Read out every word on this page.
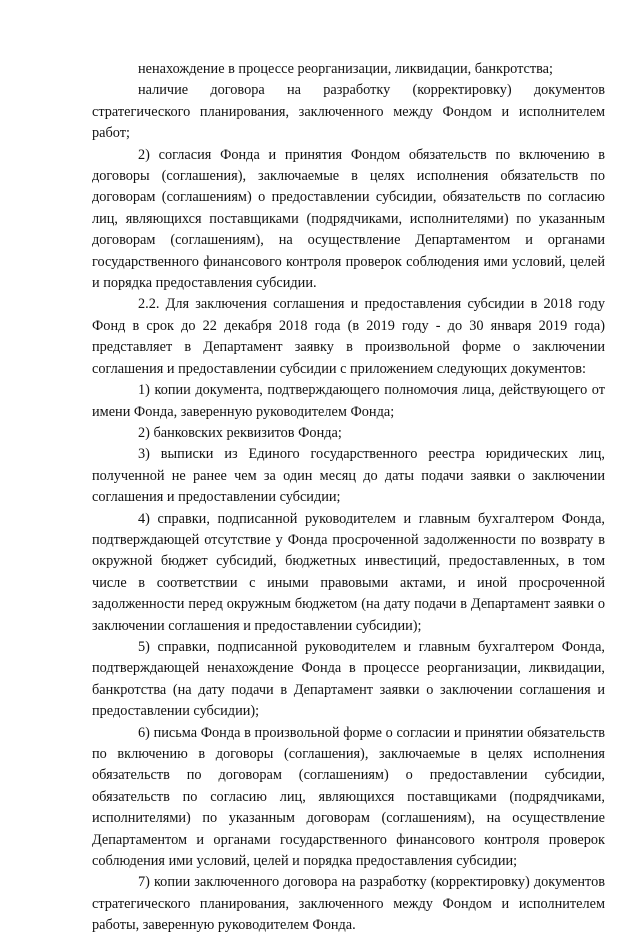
ненахождение в процессе реорганизации, ликвидации, банкротства;

наличие договора на разработку (корректировку) документов стратегического планирования, заключенного между Фондом и исполнителем работ;

2) согласия Фонда и принятия Фондом обязательств по включению в договоры (соглашения), заключаемые в целях исполнения обязательств по договорам (соглашениям) о предоставлении субсидии, обязательств по согласию лиц, являющихся поставщиками (подрядчиками, исполнителями) по указанным договорам (соглашениям), на осуществление Департаментом и органами государственного финансового контроля проверок соблюдения ими условий, целей и порядка предоставления субсидии.

2.2. Для заключения соглашения и предоставления субсидии в 2018 году Фонд в срок до 22 декабря 2018 года (в 2019 году - до 30 января 2019 года) представляет в Департамент заявку в произвольной форме о заключении соглашения и предоставлении субсидии с приложением следующих документов:

1) копии документа, подтверждающего полномочия лица, действующего от имени Фонда, заверенную руководителем Фонда;

2) банковских реквизитов Фонда;

3) выписки из Единого государственного реестра юридических лиц, полученной не ранее чем за один месяц до даты подачи заявки о заключении соглашения и предоставлении субсидии;

4) справки, подписанной руководителем и главным бухгалтером Фонда, подтверждающей отсутствие у Фонда просроченной задолженности по возврату в окружной бюджет субсидий, бюджетных инвестиций, предоставленных, в том числе в соответствии с иными правовыми актами, и иной просроченной задолженности перед окружным бюджетом (на дату подачи в Департамент заявки о заключении соглашения и предоставлении субсидии);

5) справки, подписанной руководителем и главным бухгалтером Фонда, подтверждающей ненахождение Фонда в процессе реорганизации, ликвидации, банкротства (на дату подачи в Департамент заявки о заключении соглашения и предоставлении субсидии);

6) письма Фонда в произвольной форме о согласии и принятии обязательств по включению в договоры (соглашения), заключаемые в целях исполнения обязательств по договорам (соглашениям) о предоставлении субсидии, обязательств по согласию лиц, являющихся поставщиками (подрядчиками, исполнителями) по указанным договорам (соглашениям), на осуществление Департаментом и органами государственного финансового контроля проверок соблюдения ими условий, целей и порядка предоставления субсидии;

7) копии заключенного договора на разработку (корректировку) документов стратегического планирования, заключенного между Фондом и исполнителем работы, заверенную руководителем Фонда.
